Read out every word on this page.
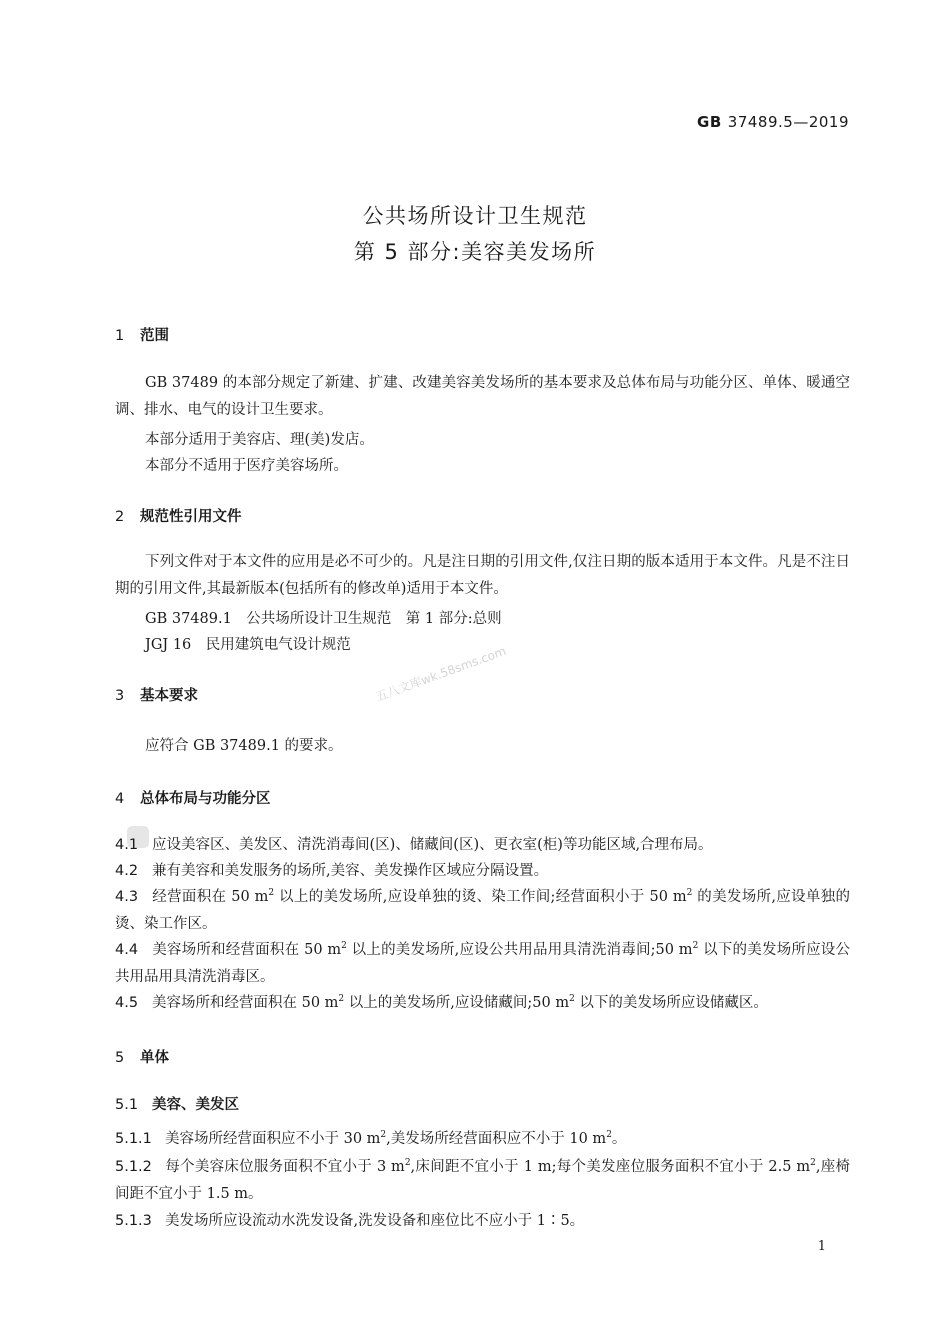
GB 37489.5—2019
公共场所设计卫生规范
第 5 部分:美容美发场所
1 范围
GB 37489 的本部分规定了新建、扩建、改建美容美发场所的基本要求及总体布局与功能分区、单体、暖通空调、排水、电气的设计卫生要求。
本部分适用于美容店、理(美)发店。
本部分不适用于医疗美容场所。
2 规范性引用文件
下列文件对于本文件的应用是必不可少的。凡是注日期的引用文件,仅注日期的版本适用于本文件。凡是不注日期的引用文件,其最新版本(包括所有的修改单)适用于本文件。
GB 37489.1　公共场所设计卫生规范　第 1 部分:总则
JGJ 16　民用建筑电气设计规范 五八文库wk.58sms.com
3 基本要求
应符合 GB 37489.1 的要求。
4 总体布局与功能分区
4.1 应设美容区、美发区、清洗消毒间(区)、储藏间(区)、更衣室(柜)等功能区域,合理布局。
4.2 兼有美容和美发服务的场所,美容、美发操作区域应分隔设置。
4.3 经营面积在 50 $m^2$ 以上的美发场所,应设单独的烫、染工作间;经营面积小于 50 $m^2$ 的美发场所,应设单独的烫、染工作区。
4.4 美容场所和经营面积在 50 $m^2$ 以上的美发场所,应设公共用品用具清洗消毒间;50 $m^2$ 以下的美发场所应设公共用品用具清洗消毒区。
4.5 美容场所和经营面积在 50 $m^2$ 以上的美发场所,应设储藏间;50 $m^2$ 以下的美发场所应设储藏区。
5 单体
5.1 美容、美发区
5.1.1 美容场所经营面积应不小于 30 $m^2$,美发场所经营面积应不小于 10 $m^2$。
5.1.2 每个美容床位服务面积不宜小于 3 $m^2$,床间距不宜小于 1 m;每个美发座位服务面积不宜小于 2.5 $m^2$,座椅间距不宜小于 1.5 m。
5.1.3 美发场所应设流动水洗发设备,洗发设备和座位比不应小于 1∶5。
1
